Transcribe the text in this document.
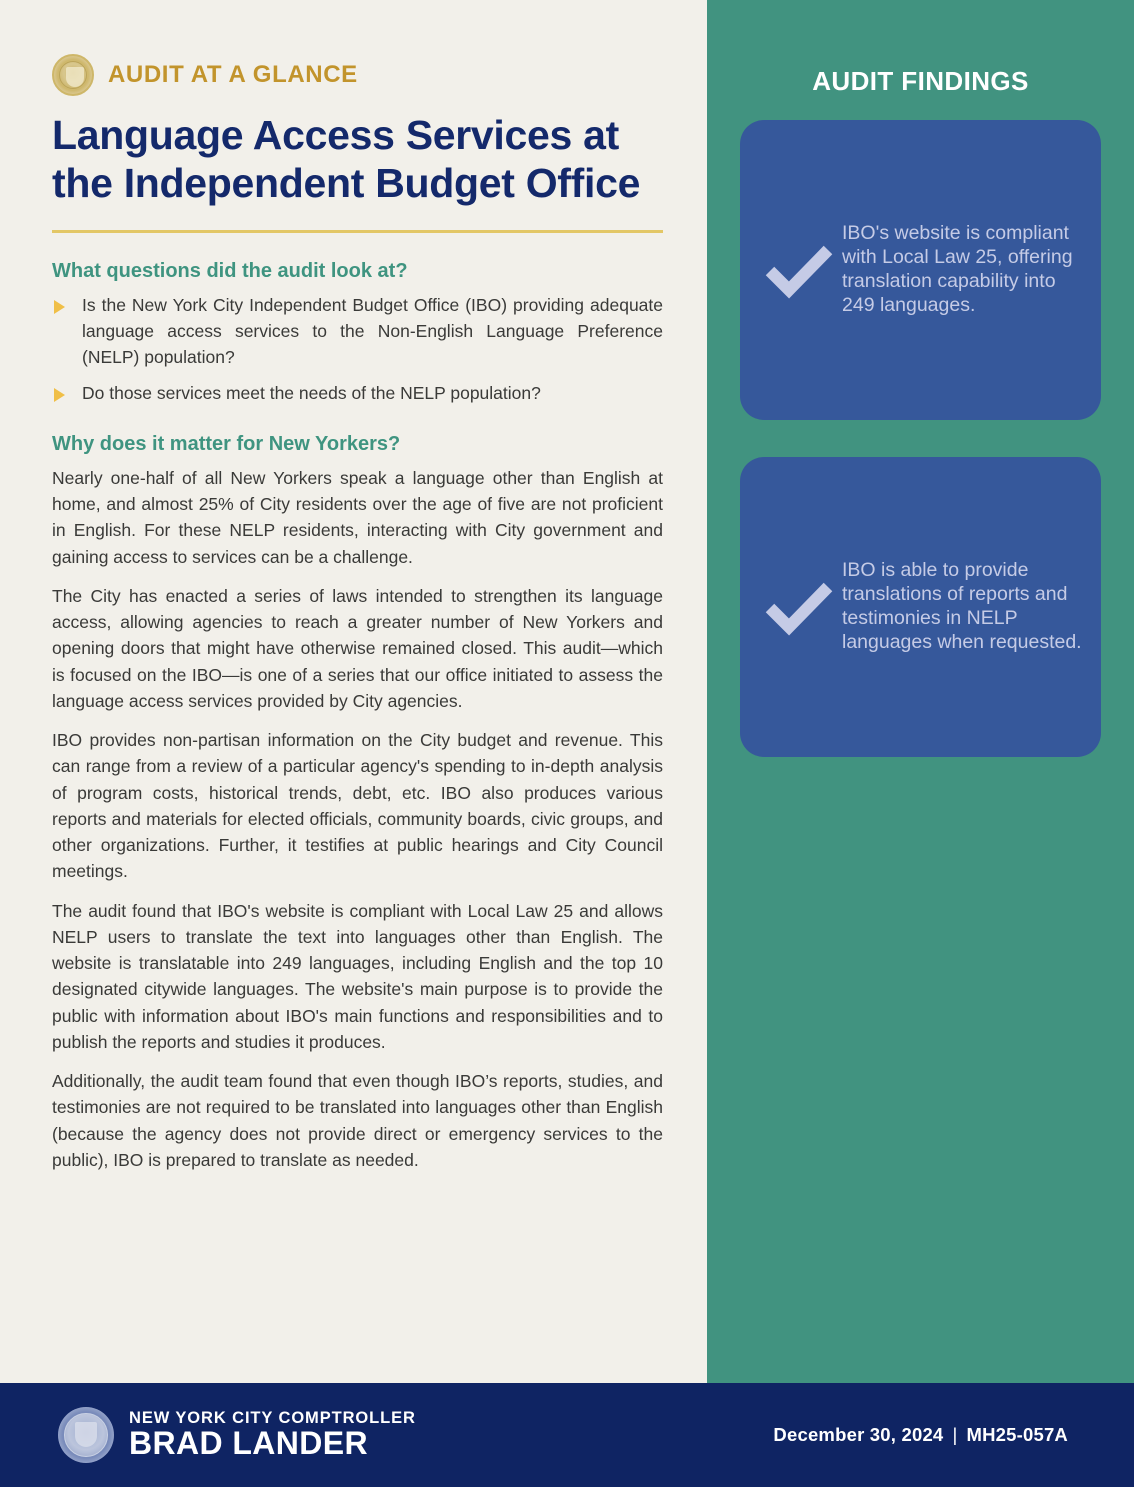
AUDIT AT A GLANCE
Language Access Services at the Independent Budget Office
What questions did the audit look at?
Is the New York City Independent Budget Office (IBO) providing adequate language access services to the Non-English Language Preference (NELP) population?
Do those services meet the needs of the NELP population?
Why does it matter for New Yorkers?

Nearly one-half of all New Yorkers speak a language other than English at home, and almost 25% of City residents over the age of five are not proficient in English. For these NELP residents, interacting with City government and gaining access to services can be a challenge.

The City has enacted a series of laws intended to strengthen its language access, allowing agencies to reach a greater number of New Yorkers and opening doors that might have otherwise remained closed. This audit—which is focused on the IBO—is one of a series that our office initiated to assess the language access services provided by City agencies.

IBO provides non-partisan information on the City budget and revenue. This can range from a review of a particular agency's spending to in-depth analysis of program costs, historical trends, debt, etc. IBO also produces various reports and materials for elected officials, community boards, civic groups, and other organizations. Further, it testifies at public hearings and City Council meetings.

The audit found that IBO's website is compliant with Local Law 25 and allows NELP users to translate the text into languages other than English. The website is translatable into 249 languages, including English and the top 10 designated citywide languages. The website's main purpose is to provide the public with information about IBO's main functions and responsibilities and to publish the reports and studies it produces.

Additionally, the audit team found that even though IBO’s reports, studies, and testimonies are not required to be translated into languages other than English (because the agency does not provide direct or emergency services to the public), IBO is prepared to translate as needed.

AUDIT FINDINGS
IBO's website is compliant with Local Law 25, offering translation capability into 249 languages.
IBO is able to provide translations of reports and testimonies in NELP languages when requested.
NEW YORK CITY COMPTROLLER
BRAD LANDER	December 30, 2024 | MH25-057A
